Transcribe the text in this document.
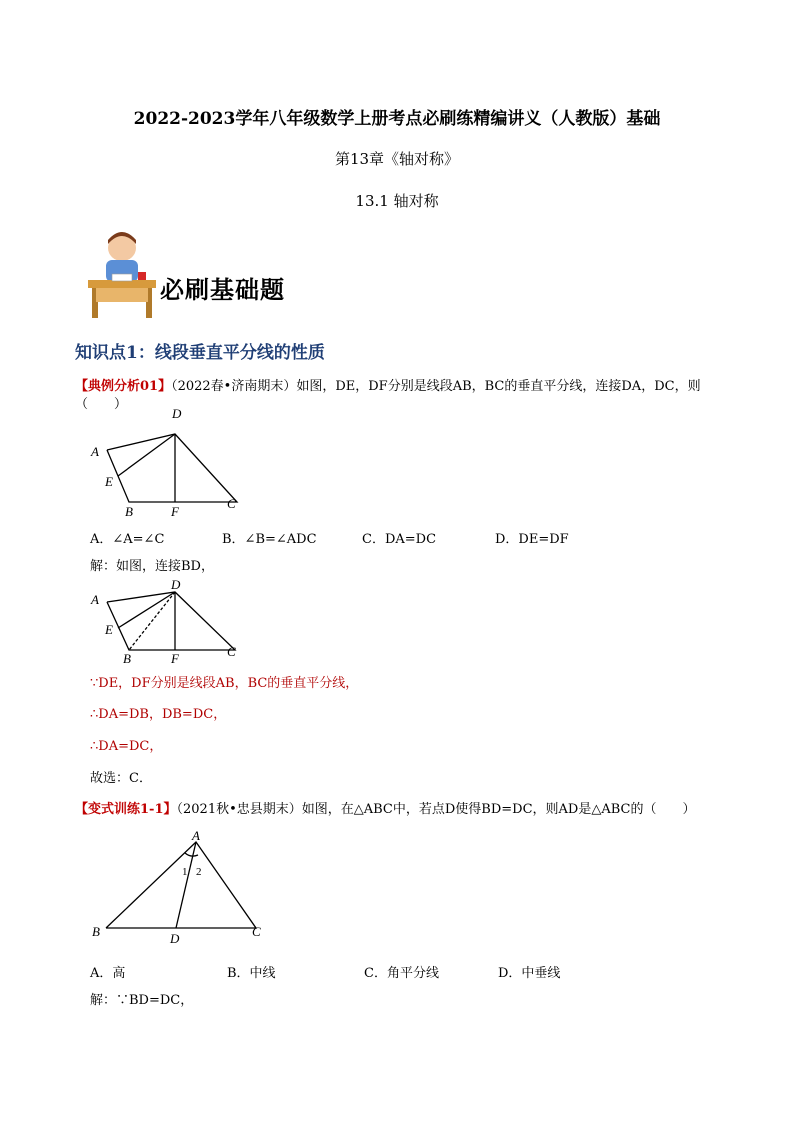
2022-2023学年八年级数学上册考点必刷练精编讲义（人教版）基础
第13章《轴对称》
13.1 轴对称
必刷基础题
知识点1：线段垂直平分线的性质
【典例分析01】（2022春•济南期末）如图，DE，DF分别是线段AB，BC的垂直平分线，连接DA，DC，则（　　）
A
D
E
B	F
C
A．∠A=∠C	B．∠B=∠ADC	C．DA=DC	D．DE=DF
解：如图，连接BD，
A
D
E
B	F	C
∵DE，DF分别是线段AB，BC的垂直平分线，
∴DA=DB，DB=DC，
∴DA=DC，
故选：C．
【变式训练1-1】（2021秋•忠县期末）如图，在△ABC中，若点D使得BD=DC，则AD是△ABC的（　　）
A
B	C
D
1 2
A．高	B．中线	C．角平分线	D．中垂线
解：∵BD=DC，
